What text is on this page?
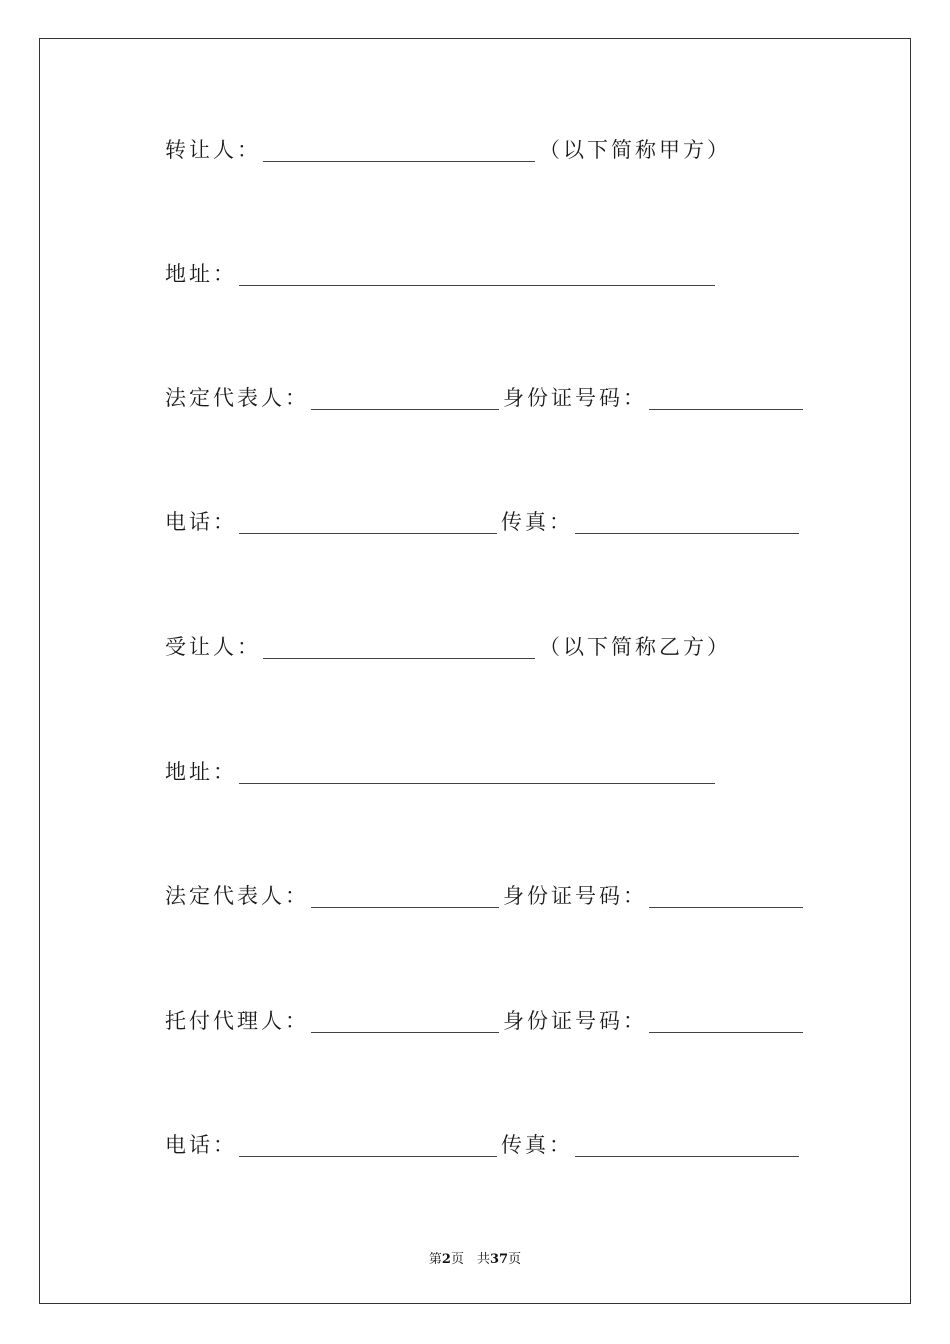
转让人：	（以下简称甲方）
地址：
法定代表人：	身份证号码：
电话：	传真：
受让人：	（以下简称乙方）
地址：
法定代表人：	身份证号码：
托付代理人：	身份证号码：
电话：	传真：
第2页　共37页
